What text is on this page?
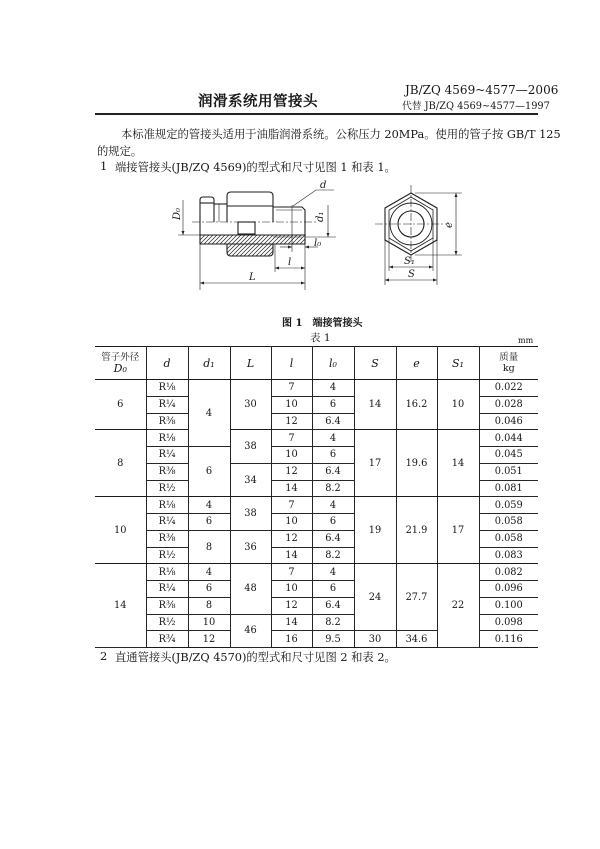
润滑系统用管接头
JB/ZQ 4569~4577—2006
代替 JB/ZQ 4569~4577—1997
本标准规定的管接头适用于油脂润滑系统。公称压力 20MPa。使用的管子按 GB/T 125
的规定。
1 端接管接头(JB/ZQ 4569)的型式和尺寸见图 1 和表 1。
D₀
d
d₁
l₀
l
L
e
S₁
S
图 1　端接管接头
表 1	mm
管子外径
D₀	d	d₁	L	l	l₀	S	e	S₁	质量
kg

6	R⅛	4	30	7	4	14	16.2	10	0.022
	R¼			10	6				0.028
	R⅜			12	6.4				0.046
8	R⅛		38	7	4	17	19.6	14	0.044
	R¼	6		10	6				0.045
	R⅜		34	12	6.4				0.051
	R½			14	8.2				0.081
10	R⅛	4	38	7	4	19	21.9	17	0.059
	R¼	6		10	6				0.058
	R⅜	8	36	12	6.4				0.058
	R½			14	8.2				0.083
14	R⅛	4	48	7	4	24	27.7	22	0.082
	R¼	6		10	6				0.096
	R⅜	8		12	6.4				0.100
	R½	10	46	14	8.2				0.098
	R¾	12		16	9.5	30	34.6		0.116
2 直通管接头(JB/ZQ 4570)的型式和尺寸见图 2 和表 2。
